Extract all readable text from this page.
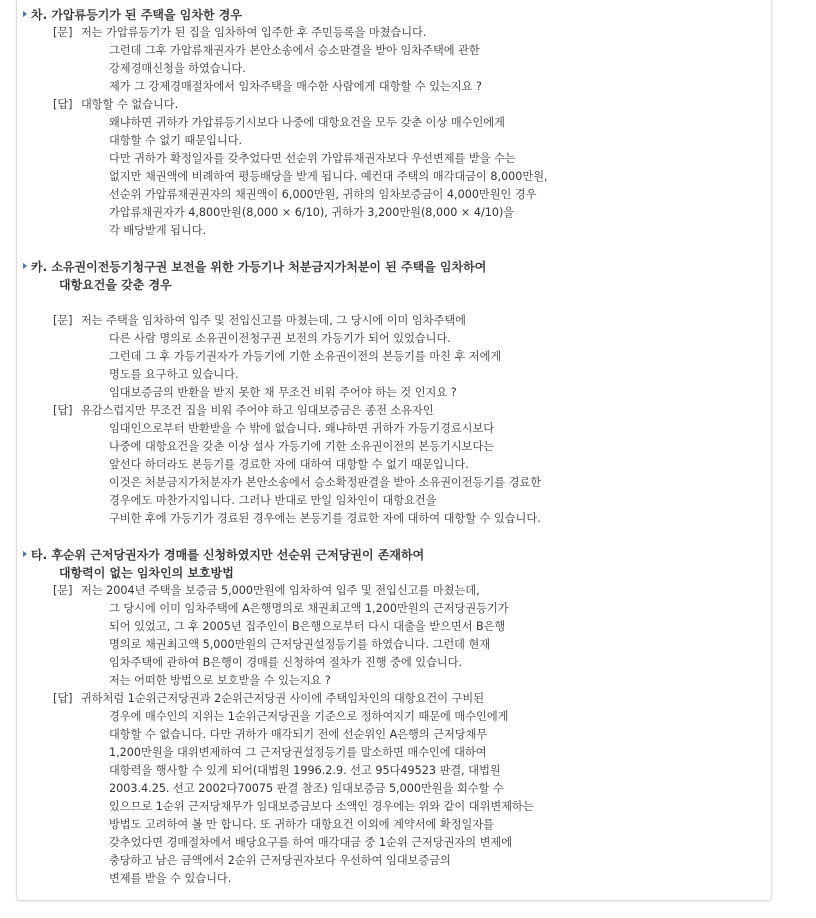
차. 가압류등기가 된 주택을 임차한 경우
[문] 저는 가압류등기가 된 집을 임차하여 입주한 후 주민등록을 마쳤습니다.
그런데 그후 가압류채권자가 본안소송에서 승소판결을 받아 임차주택에 관한
강제경매신청을 하였습니다.
제가 그 강제경매절차에서 임차주택을 매수한 사람에게 대항할 수 있는지요 ?
[답] 대항할 수 없습니다.
왜냐하면 귀하가 가압류등기시보다 나중에 대항요건을 모두 갖춘 이상 매수인에게
대항할 수 없기 때문입니다.
다만 귀하가 확정일자를 갖추었다면 선순위 가압류채권자보다 우선변제를 받을 수는
없지만 채권액에 비례하여 평등배당을 받게 됩니다. 예컨대 주택의 매각대금이 8,000만원,
선순위 가압류채권권자의 채권액이 6,000만원, 귀하의 임차보증금이 4,000만원인 경우
가압류채권자가 4,800만원(8,000 × 6/10), 귀하가 3,200만원(8,000 × 4/10)을
각 배당받게 됩니다.
카. 소유권이전등기청구권 보전을 위한 가등기나 처분금지가처분이 된 주택을 임차하여
대항요건을 갖춘 경우
[문] 저는 주택을 임차하여 입주 및 전입신고를 마쳤는데, 그 당시에 이미 임차주택에
다른 사람 명의로 소유권이전청구권 보전의 가등기가 되어 있었습니다.
그런데 그 후 가등기권자가 가등기에 기한 소유권이전의 본등기를 마친 후 저에게
명도를 요구하고 있습니다.
임대보증금의 반환을 받지 못한 채 무조건 비워 주어야 하는 것 인지요 ?
[답] 유감스럽지만 무조건 집을 비워 주어야 하고 임대보증금은 종전 소유자인
임대인으로부터 반환받을 수 밖에 없습니다. 왜냐하면 귀하가 가등기경료시보다
나중에 대항요건을 갖춘 이상 설사 가등기에 기한 소유권이전의 본등기시보다는
앞선다 하더라도 본등기를 경료한 자에 대하여 대항할 수 없기 때문입니다.
이것은 처분금지가처분자가 본안소송에서 승소확정판결을 받아 소유권이전등기를 경료한
경우에도 마찬가지입니다. 그러나 반대로 만일 임차인이 대항요건을
구비한 후에 가등기가 경료된 경우에는 본등기를 경료한 자에 대하여 대항할 수 있습니다.
타. 후순위 근저당권자가 경매를 신청하였지만 선순위 근저당권이 존재하여
대항력이 없는 임차인의 보호방법
[문] 저는 2004년 주택을 보증금 5,000만원에 임차하여 입주 및 전입신고를 마쳤는데,
그 당시에 이미 임차주택에 A은행명의로 채권최고액 1,200만원의 근저당권등기가
되어 있었고, 그 후 2005년 집주인이 B은행으로부터 다시 대출을 받으면서 B은행
명의로 채권최고액 5,000만원의 근저당권설정등기를 하였습니다. 그런데 현재
임차주택에 관하여 B은행이 경매를 신청하여 절차가 진행 중에 있습니다.
저는 어떠한 방법으로 보호받을 수 있는지요 ?
[답] 귀하처럼 1순위근저당권과 2순위근저당권 사이에 주택임차인의 대항요건이 구비된
경우에 매수인의 지위는 1순위근저당권을 기준으로 정하여지기 때문에 매수인에게
대항할 수 없습니다. 다만 귀하가 매각되기 전에 선순위인 A은행의 근저당채무
1,200만원을 대위변제하여 그 근저당권설정등기를 말소하면 매수인에 대하여
대항력을 행사할 수 있게 되어(대법원 1996.2.9. 선고 95다49523 판결, 대법원
2003.4.25. 선고 2002다70075 판결 참조) 임대보증금 5,000만원을 회수할 수
있으므로 1순위 근저당채무가 임대보증금보다 소액인 경우에는 위와 같이 대위변제하는
방법도 고려하여 볼 만 합니다. 또 귀하가 대항요건 이외에 계약서에 확정일자를
갖추었다면 경매절차에서 배당요구를 하여 매각대금 중 1순위 근저당권자의 변제에
충당하고 남은 금액에서 2순위 근저당권자보다 우선하여 임대보증금의
변제를 받을 수 있습니다.
